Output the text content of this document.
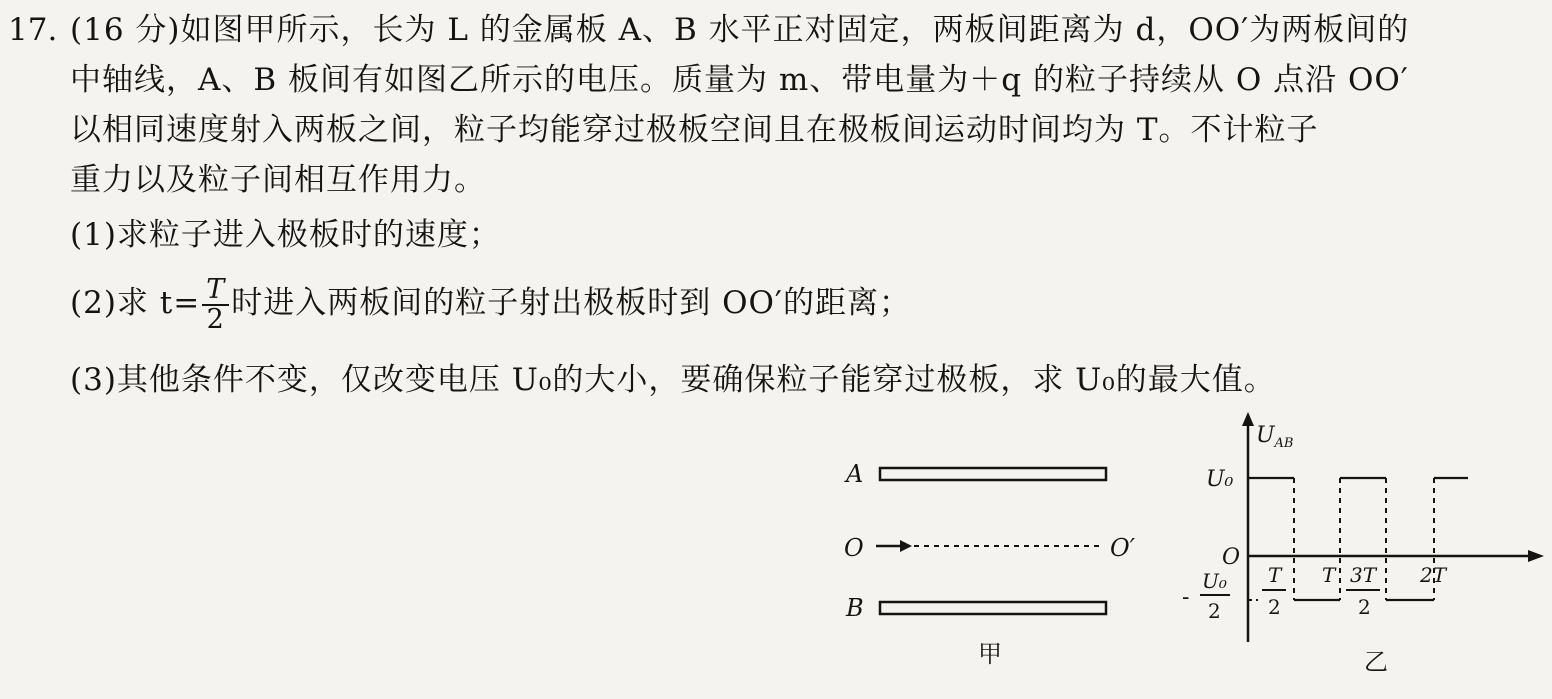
17. (16 分)如图甲所示，长为 L 的金属板 A、B 水平正对固定，两板间距离为 d，OO′为两板间的
中轴线，A、B 板间有如图乙所示的电压。质量为 m、带电量为＋q 的粒子持续从 O 点沿 OO′
以相同速度射入两板之间，粒子均能穿过极板空间且在极板间运动时间均为 T。不计粒子
重力以及粒子间相互作用力。
(1)求粒子进入极板时的速度；
(2)求 $t= \frac{T}{2}$ 时进入两板间的粒子射出极板时到 OO′的距离；
(3)其他条件不变，仅改变电压 U₀的大小，要确保粒子能穿过极板，求 U₀的最大值。
A
O	O′
B
甲
$U_{AB}$
U₀
O
-
U₀
2
T
2
T 3T
2
2T
乙
